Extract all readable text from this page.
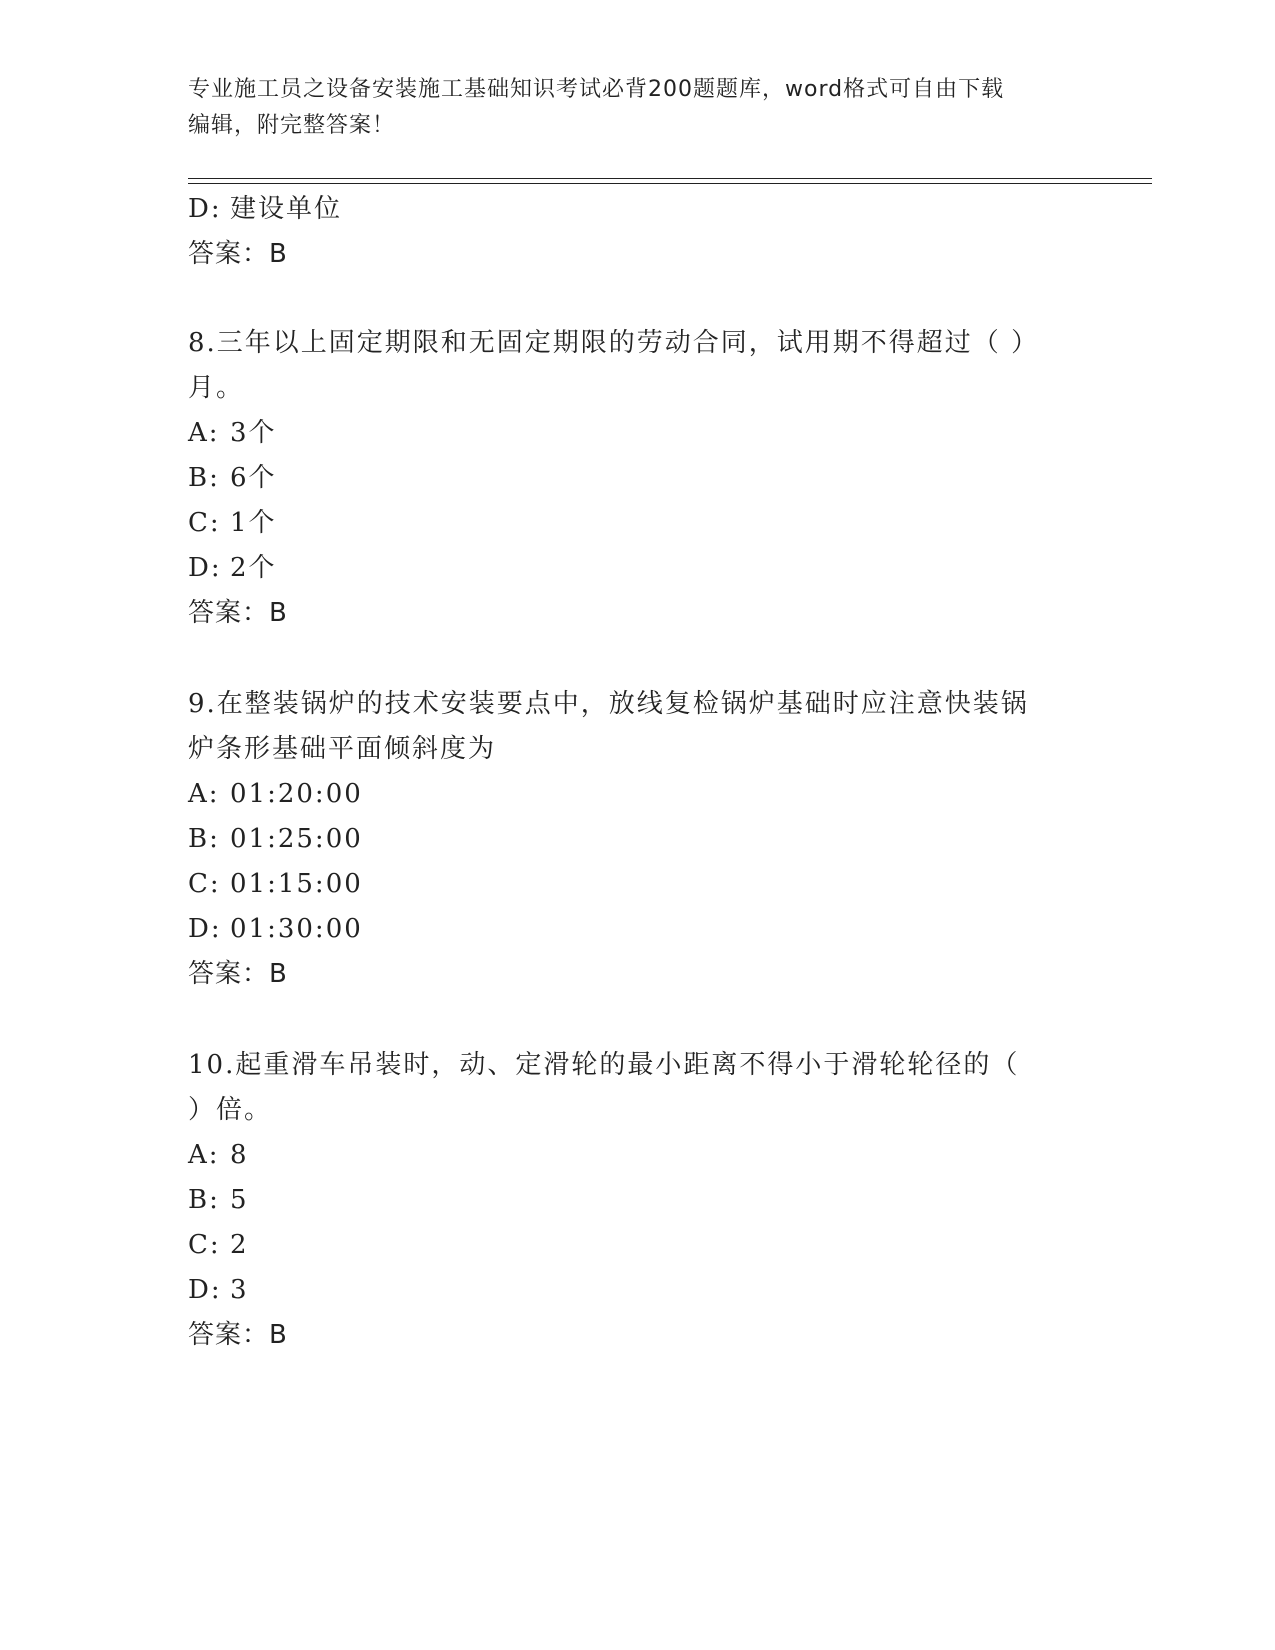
专业施工员之设备安装施工基础知识考试必背200题题库，word格式可自由下载
编辑，附完整答案！
D: 建设单位
答案：B
8.三年以上固定期限和无固定期限的劳动合同，试用期不得超过（ ）
月。
A: 3个
B: 6个
C: 1个
D: 2个
答案：B
9.在整装锅炉的技术安装要点中，放线复检锅炉基础时应注意快装锅
炉条形基础平面倾斜度为
A: 01:20:00
B: 01:25:00
C: 01:15:00
D: 01:30:00
答案：B
10.起重滑车吊装时，动、定滑轮的最小距离不得小于滑轮轮径的（
）倍。
A: 8
B: 5
C: 2
D: 3
答案：B
